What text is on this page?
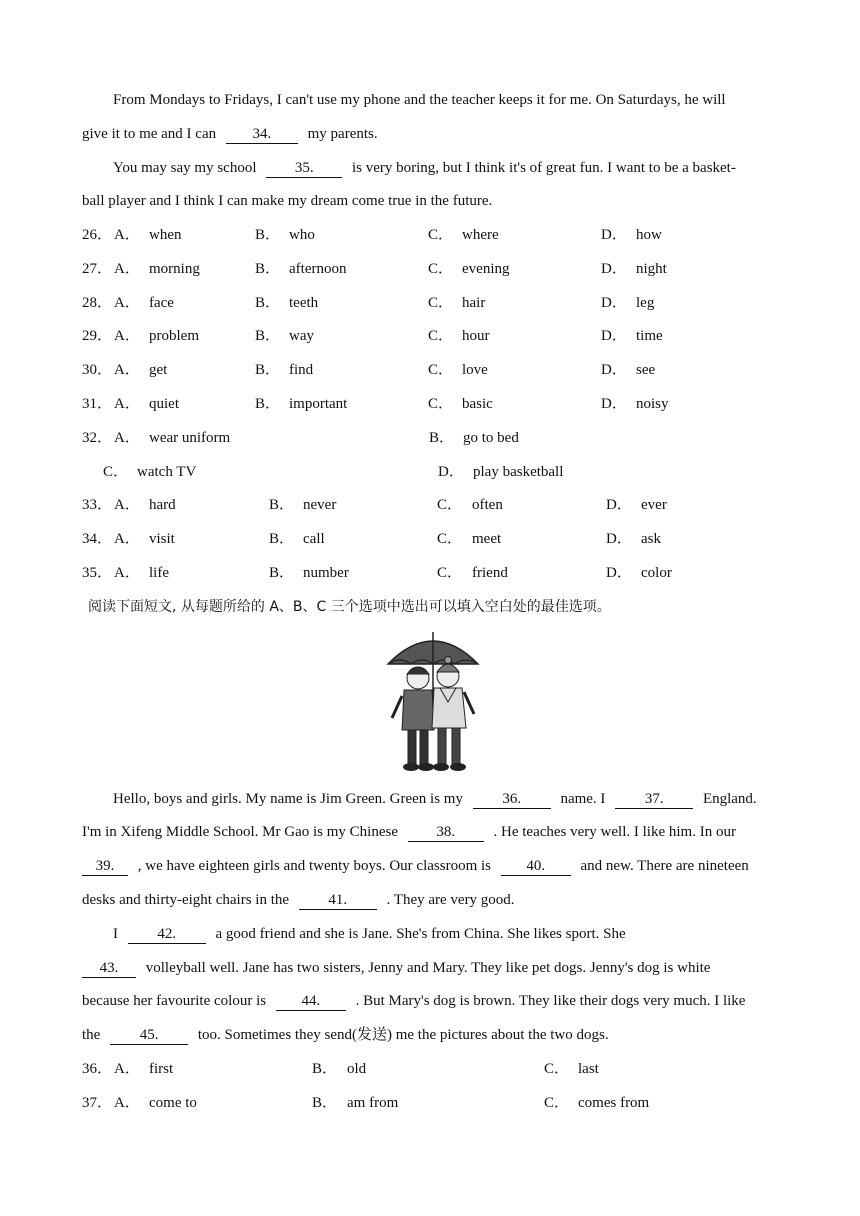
From Mondays to Fridays, I can't use my phone and the teacher keeps it for me. On Saturdays, he will
give it to me and I can 34. my parents.
You may say my school	35.	is very boring, but I think it's of great fun. I want to be a basket-
ball player and I think I can make my dream come true in the future.
26． A． when	B． who	C． where	D． how
27． A． morning	B． afternoon	C． evening	D． night
28． A． face	B． teeth	C． hair	D． leg
29． A． problem	B． way	C． hour	D． time
30． A． get	B． find	C． love	D． see
31． A． quiet	B． important	C． basic	D． noisy
32． A． wear uniform	B． go to bed
C． watch TV	D． play basketball
33． A． hard	B． never	C． often	D． ever
34． A． visit	B． call	C． meet	D． ask
35． A． life	B． number	C． friend	D． color
阅读下面短文, 从每题所给的 A、B、C 三个选项中选出可以填入空白处的最佳选项。
Hello, boys and girls. My name is Jim Green. Green is my	36.	name. I	37.	England.
I'm in Xifeng Middle School. Mr Gao is my Chinese	38.	. He teaches very well. I like him. In our
39. , we have eighteen girls and twenty boys. Our classroom is 40. and new. There are nineteen
desks and thirty-eight chairs in the	41.	. They are very good.
I	42.	a good friend and she is Jane. She's from China. She likes sport. She
43. volleyball well. Jane has two sisters, Jenny and Mary. They like pet dogs. Jenny's dog is white
because her favourite colour is 44. . But Mary's dog is brown. They like their dogs very much. I like
the	45.	too. Sometimes they send(发送) me the pictures about the two dogs.
36． A． first	B． old	C． last
37． A． come to	B． am from	C． comes from
